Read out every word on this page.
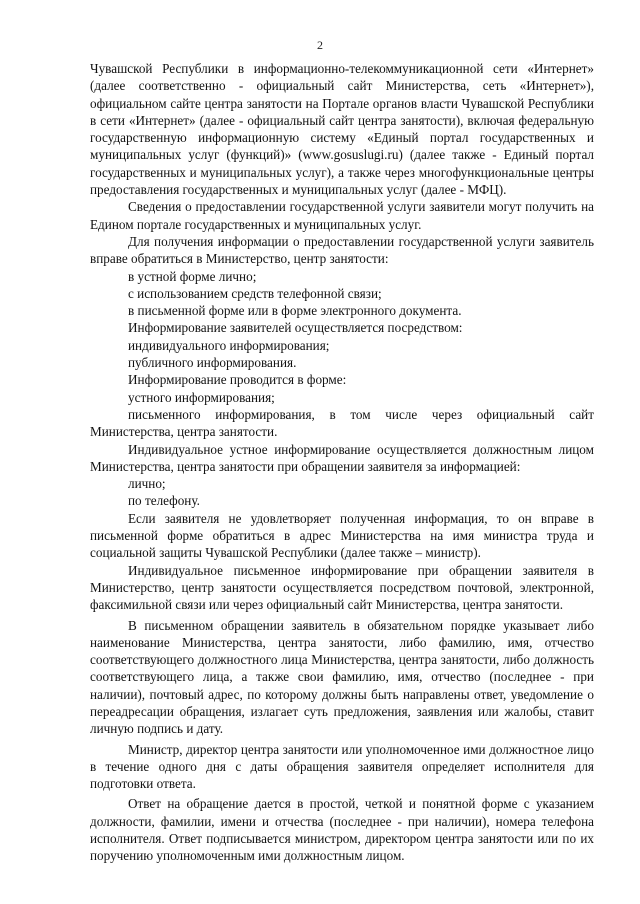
2

Чувашской Республики в информационно-телекоммуникационной сети «Интернет» (далее соответственно - официальный сайт Министерства, сеть «Интернет»), официальном сайте центра занятости на Портале органов власти Чувашской Республики в сети «Интернет» (далее - официальный сайт центра занятости), включая федеральную государственную информационную систему «Единый портал государственных и муниципальных услуг (функций)» (www.gosuslugi.ru) (далее также - Единый портал государственных и муниципальных услуг), а также через многофункциональные центры предоставления государственных и муниципальных услуг (далее - МФЦ).

Сведения о предоставлении государственной услуги заявители могут получить на Едином портале государственных и муниципальных услуг.

Для получения информации о предоставлении государственной услуги заявитель вправе обратиться в Министерство, центр занятости:

в устной форме лично;

с использованием средств телефонной связи;

в письменной форме или в форме электронного документа.

Информирование заявителей осуществляется посредством:

индивидуального информирования;

публичного информирования.

Информирование проводится в форме:

устного информирования;

письменного информирования, в том числе через официальный сайт Министерства, центра занятости.

Индивидуальное устное информирование осуществляется должностным лицом Министерства, центра занятости при обращении заявителя за информацией:

лично;

по телефону.

Если заявителя не удовлетворяет полученная информация, то он вправе в письменной форме обратиться в адрес Министерства на имя министра труда и социальной защиты Чувашской Республики (далее также – министр).

Индивидуальное письменное информирование при обращении заявителя в Министерство, центр занятости осуществляется посредством почтовой, электронной, факсимильной связи или через официальный сайт Министерства, центра занятости.

В письменном обращении заявитель в обязательном порядке указывает либо наименование Министерства, центра занятости, либо фамилию, имя, отчество соответствующего должностного лица Министерства, центра занятости, либо должность соответствующего лица, а также свои фамилию, имя, отчество (последнее - при наличии), почтовый адрес, по которому должны быть направлены ответ, уведомление о переадресации обращения, излагает суть предложения, заявления или жалобы, ставит личную подпись и дату.

Министр, директор центра занятости или уполномоченное ими должностное лицо в течение одного дня с даты обращения заявителя определяет исполнителя для подготовки ответа.

Ответ на обращение дается в простой, четкой и понятной форме с указанием должности, фамилии, имени и отчества (последнее - при наличии), номера телефона исполнителя. Ответ подписывается министром, директором центра занятости или по их поручению уполномоченным ими должностным лицом.
